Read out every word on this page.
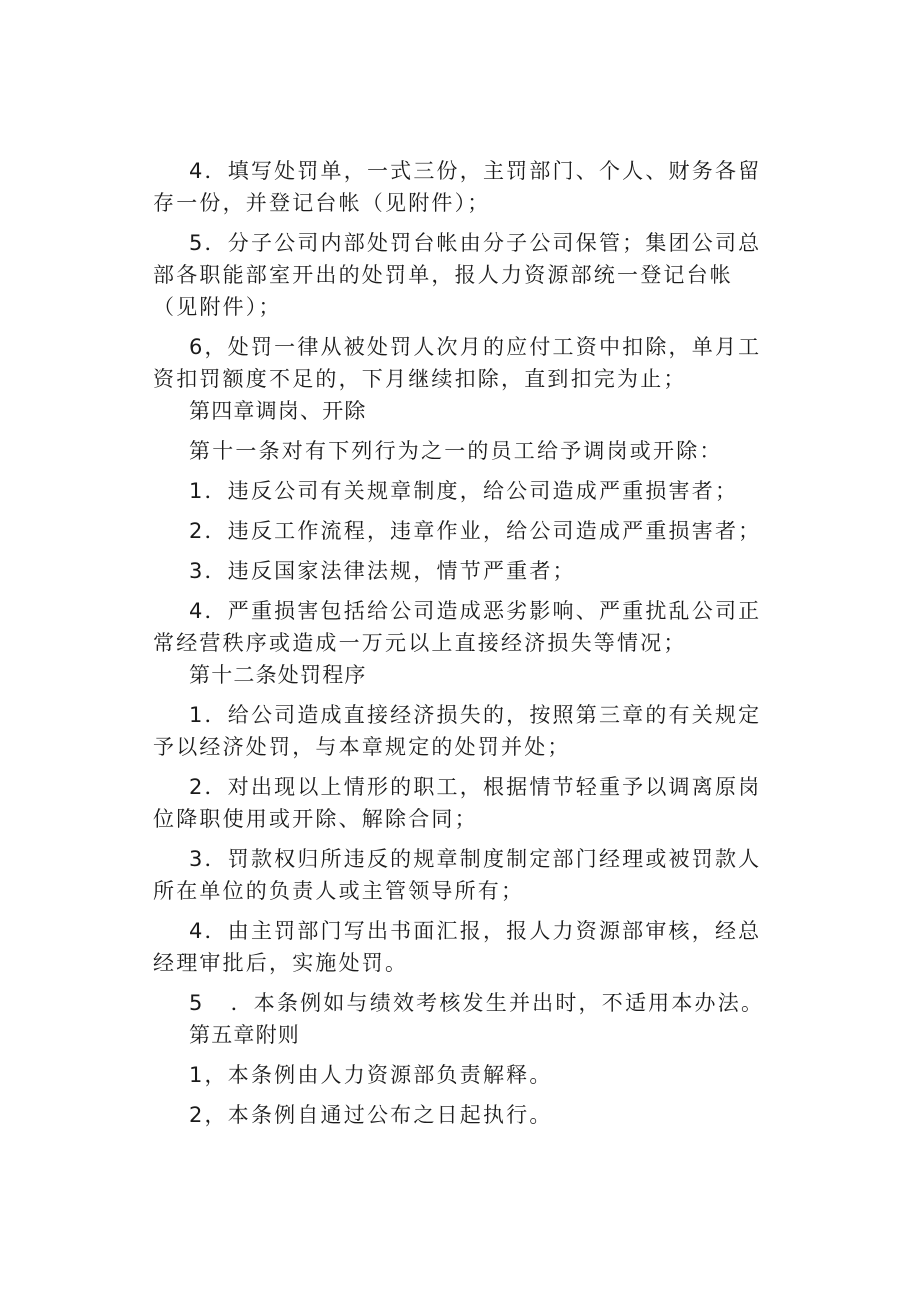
4．填写处罚单，一式三份，主罚部门、个人、财务各留存一份，并登记台帐（见附件）；

5．分子公司内部处罚台帐由分子公司保管；集团公司总部各职能部室开出的处罚单，报人力资源部统一登记台帐（见附件）；

6，处罚一律从被处罚人次月的应付工资中扣除，单月工资扣罚额度不足的，下月继续扣除，直到扣完为止；

第四章调岗、开除

第十一条对有下列行为之一的员工给予调岗或开除：

1．违反公司有关规章制度，给公司造成严重损害者；

2．违反工作流程，违章作业，给公司造成严重损害者；

3．违反国家法律法规，情节严重者；

4．严重损害包括给公司造成恶劣影响、严重扰乱公司正常经营秩序或造成一万元以上直接经济损失等情况；

第十二条处罚程序

1．给公司造成直接经济损失的，按照第三章的有关规定予以经济处罚，与本章规定的处罚并处；

2．对出现以上情形的职工，根据情节轻重予以调离原岗位降职使用或开除、解除合同；

3．罚款权归所违反的规章制度制定部门经理或被罚款人所在单位的负责人或主管领导所有；

4．由主罚部门写出书面汇报，报人力资源部审核，经总经理审批后，实施处罚。

5 ．本条例如与绩效考核发生并出时，不适用本办法。

第五章附则

1，本条例由人力资源部负责解释。

2，本条例自通过公布之日起执行。
